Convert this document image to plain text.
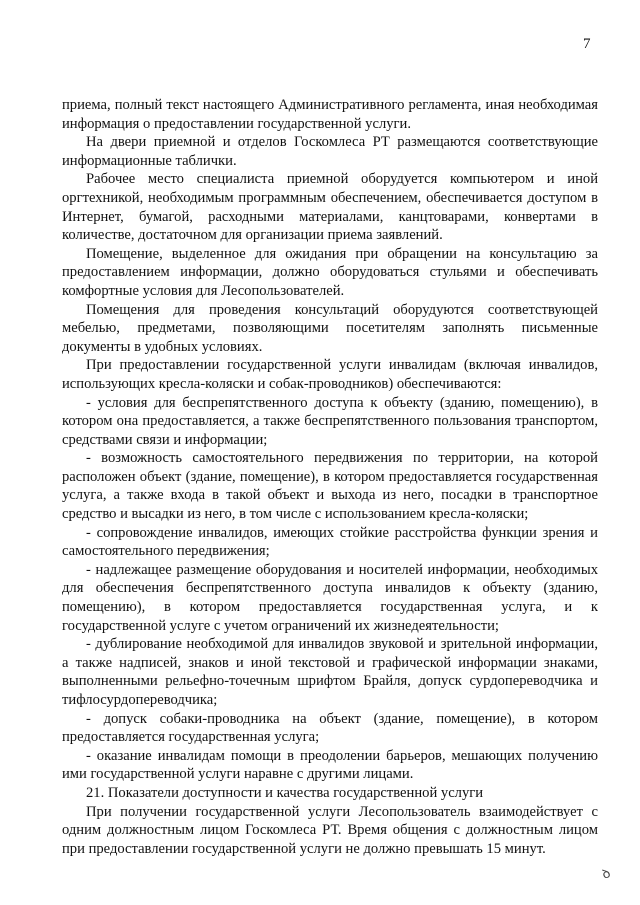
7

приема, полный текст настоящего Административного регламента, иная необходимая информация о предоставлении государственной услуги.

На двери приемной и отделов Госкомлеса РТ размещаются соответствующие информационные таблички.

Рабочее место специалиста приемной оборудуется компьютером и иной оргтехникой, необходимым программным обеспечением, обеспечивается доступом в Интернет, бумагой, расходными материалами, канцтоварами, конвертами в количестве, достаточном для организации приема заявлений.

Помещение, выделенное для ожидания при обращении на консультацию за предоставлением информации, должно оборудоваться стульями и обеспечивать комфортные условия для Лесопользователей.

Помещения для проведения консультаций оборудуются соответствующей мебелью, предметами, позволяющими посетителям заполнять письменные документы в удобных условиях.

При предоставлении государственной услуги инвалидам (включая инвалидов, использующих кресла-коляски и собак-проводников) обеспечиваются:

- условия для беспрепятственного доступа к объекту (зданию, помещению), в котором она предоставляется, а также беспрепятственного пользования транспортом, средствами связи и информации;

- возможность самостоятельного передвижения по территории, на которой расположен объект (здание, помещение), в котором предоставляется государственная услуга, а также входа в такой объект и выхода из него, посадки в транспортное средство и высадки из него, в том числе с использованием кресла-коляски;

- сопровождение инвалидов, имеющих стойкие расстройства функции зрения и самостоятельного передвижения;

- надлежащее размещение оборудования и носителей информации, необходимых для обеспечения беспрепятственного доступа инвалидов к объекту (зданию, помещению), в котором предоставляется государственная услуга, и к государственной услуге с учетом ограничений их жизнедеятельности;

- дублирование необходимой для инвалидов звуковой и зрительной информации, а также надписей, знаков и иной текстовой и графической информации знаками, выполненными рельефно-точечным шрифтом Брайля, допуск сурдопереводчика и тифлосурдопереводчика;

- допуск собаки-проводника на объект (здание, помещение), в котором предоставляется государственная услуга;

- оказание инвалидам помощи в преодолении барьеров, мешающих получению ими государственной услуги наравне с другими лицами.

21. Показатели доступности и качества государственной услуги

При получении государственной услуги Лесопользователь взаимодействует с одним должностным лицом Госкомлеса РТ. Время общения с должностным лицом при предоставлении государственной услуги не должно превышать 15 минут.

ꝺ
